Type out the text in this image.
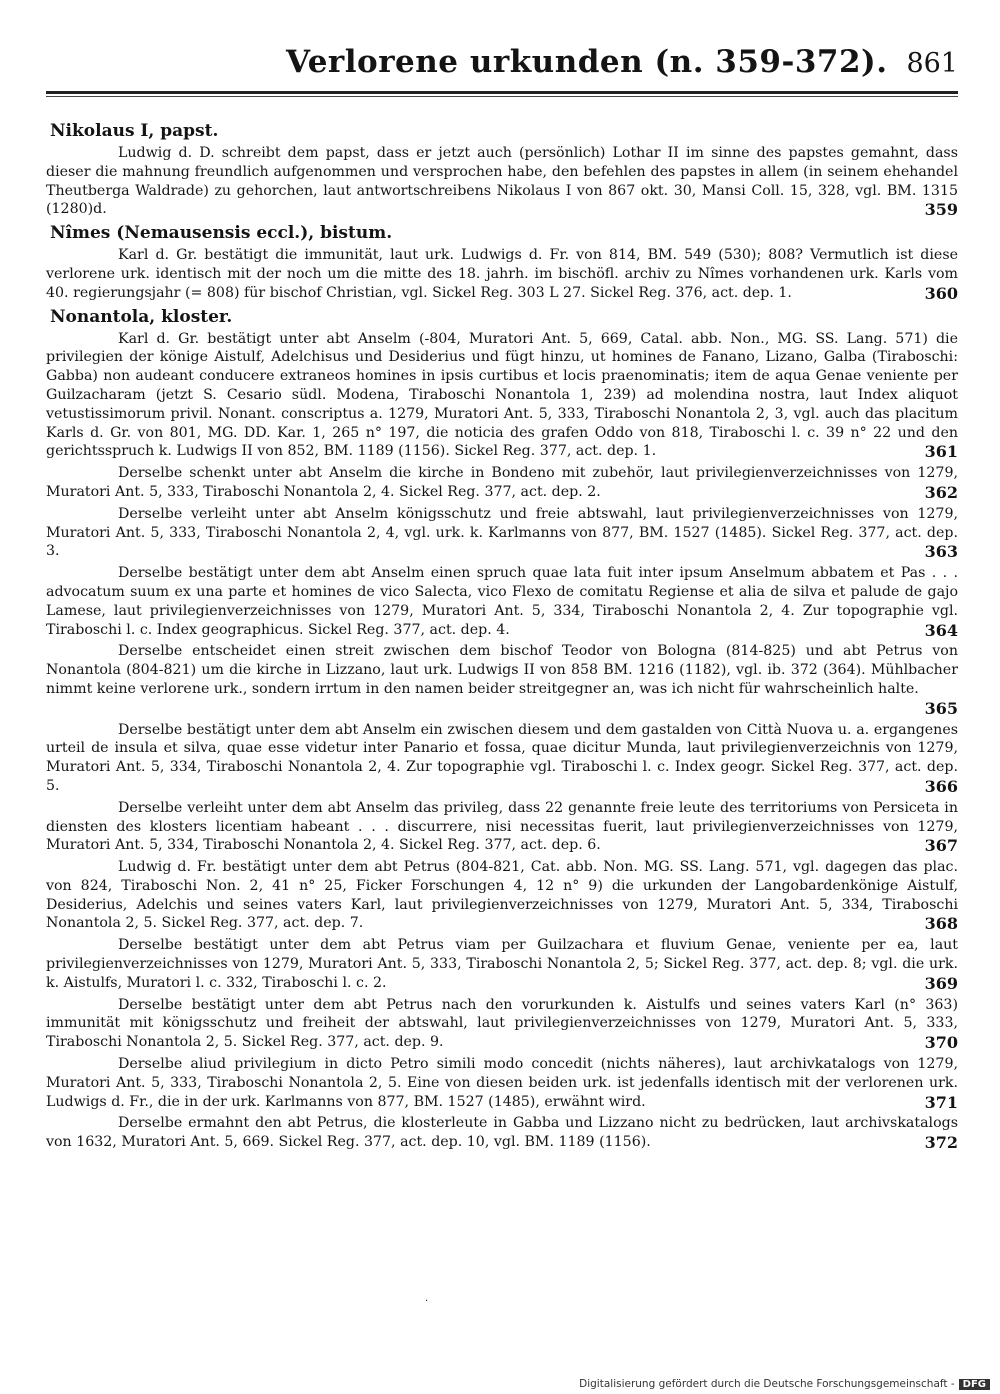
Verlorene urkunden (n. 359-372). 861
Nikolaus I, papst.
Ludwig d. D. schreibt dem papst, dass er jetzt auch (persönlich) Lothar II im sinne des papstes gemahnt, dass dieser die mahnung freundlich aufgenommen und versprochen habe, den befehlen des papstes in allem (in seinem ehehandel Theutberga Waldrade) zu gehorchen, laut antwortschreibens Nikolaus I von 867 okt. 30, Mansi Coll. 15, 328, vgl. BM. 1315 (1280)d.	359
Nîmes (Nemausensis eccl.), bistum.
Karl d. Gr. bestätigt die immunität, laut urk. Ludwigs d. Fr. von 814, BM. 549 (530); 808? Vermutlich ist diese verlorene urk. identisch mit der noch um die mitte des 18. jahrh. im bischöfl. archiv zu Nîmes vorhandenen urk. Karls vom 40. regierungsjahr (= 808) für bischof Christian, vgl. Sickel Reg. 303 L 27. Sickel Reg. 376, act. dep. 1.	360
Nonantola, kloster.
Karl d. Gr. bestätigt unter abt Anselm (-804, Muratori Ant. 5, 669, Catal. abb. Non., MG. SS. Lang. 571) die privilegien der könige Aistulf, Adelchisus und Desiderius und fügt hinzu, ut homines de Fanano, Lizano, Galba (Tiraboschi: Gabba) non audeant conducere extraneos homines in ipsis curtibus et locis praenominatis; item de aqua Genae veniente per Guilzacharam (jetzt S. Cesario südl. Modena, Tiraboschi Nonantola 1, 239) ad molendina nostra, laut Index aliquot vetustissimorum privil. Nonant. conscriptus a. 1279, Muratori Ant. 5, 333, Tiraboschi Nonantola 2, 3, vgl. auch das placitum Karls d. Gr. von 801, MG. DD. Kar. 1, 265 n° 197, die noticia des grafen Oddo von 818, Tiraboschi l. c. 39 n° 22 und den gerichtsspruch k. Ludwigs II von 852, BM. 1189 (1156). Sickel Reg. 377, act. dep. 1.	361
Derselbe schenkt unter abt Anselm die kirche in Bondeno mit zubehör, laut privilegienverzeichnisses von 1279, Muratori Ant. 5, 333, Tiraboschi Nonantola 2, 4. Sickel Reg. 377, act. dep. 2.	362
Derselbe verleiht unter abt Anselm königsschutz und freie abtswahl, laut privilegienverzeichnisses von 1279, Muratori Ant. 5, 333, Tiraboschi Nonantola 2, 4, vgl. urk. k. Karlmanns von 877, BM. 1527 (1485). Sickel Reg. 377, act. dep. 3.	363
Derselbe bestätigt unter dem abt Anselm einen spruch quae lata fuit inter ipsum Anselmum abbatem et Pas . . . advocatum suum ex una parte et homines de vico Salecta, vico Flexo de comitatu Regiense et alia de silva et palude de gajo Lamese, laut privilegienverzeichnisses von 1279, Muratori Ant. 5, 334, Tiraboschi Nonantola 2, 4. Zur topographie vgl. Tiraboschi l. c. Index geographicus. Sickel Reg. 377, act. dep. 4.	364
Derselbe entscheidet einen streit zwischen dem bischof Teodor von Bologna (814-825) und abt Petrus von Nonantola (804-821) um die kirche in Lizzano, laut urk. Ludwigs II von 858 BM. 1216 (1182), vgl. ib. 372 (364). Mühlbacher nimmt keine verlorene urk., sondern irrtum in den namen beider streitgegner an, was ich nicht für wahrscheinlich halte.
365
Derselbe bestätigt unter dem abt Anselm ein zwischen diesem und dem gastalden von Città Nuova u. a. ergangenes urteil de insula et silva, quae esse videtur inter Panario et fossa, quae dicitur Munda, laut privilegienverzeichnis von 1279, Muratori Ant. 5, 334, Tiraboschi Nonantola 2, 4. Zur topographie vgl. Tiraboschi l. c. Index geogr. Sickel Reg. 377, act. dep. 5.	366
Derselbe verleiht unter dem abt Anselm das privileg, dass 22 genannte freie leute des territoriums von Persiceta in diensten des klosters licentiam habeant . . . discurrere, nisi necessitas fuerit, laut privilegienverzeichnisses von 1279, Muratori Ant. 5, 334, Tiraboschi Nonantola 2, 4. Sickel Reg. 377, act. dep. 6.	367
Ludwig d. Fr. bestätigt unter dem abt Petrus (804-821, Cat. abb. Non. MG. SS. Lang. 571, vgl. dagegen das plac. von 824, Tiraboschi Non. 2, 41 n° 25, Ficker Forschungen 4, 12 n° 9) die urkunden der Langobardenkönige Aistulf, Desiderius, Adelchis und seines vaters Karl, laut privilegienverzeichnisses von 1279, Muratori Ant. 5, 334, Tiraboschi Nonantola 2, 5. Sickel Reg. 377, act. dep. 7.	368
Derselbe bestätigt unter dem abt Petrus viam per Guilzachara et fluvium Genae, veniente per ea, laut privilegienverzeichnisses von 1279, Muratori Ant. 5, 333, Tiraboschi Nonantola 2, 5; Sickel Reg. 377, act. dep. 8; vgl. die urk. k. Aistulfs, Muratori l. c. 332, Tiraboschi l. c. 2.	369
Derselbe bestätigt unter dem abt Petrus nach den vorurkunden k. Aistulfs und seines vaters Karl (n° 363) immunität mit königsschutz und freiheit der abtswahl, laut privilegienverzeichnisses von 1279, Muratori Ant. 5, 333, Tiraboschi Nonantola 2, 5. Sickel Reg. 377, act. dep. 9.	370
Derselbe aliud privilegium in dicto Petro simili modo concedit (nichts näheres), laut archivkatalogs von 1279, Muratori Ant. 5, 333, Tiraboschi Nonantola 2, 5. Eine von diesen beiden urk. ist jedenfalls identisch mit der verlorenen urk. Ludwigs d. Fr., die in der urk. Karlmanns von 877, BM. 1527 (1485), erwähnt wird.	371
Derselbe ermahnt den abt Petrus, die klosterleute in Gabba und Lizzano nicht zu bedrücken, laut archivskatalogs von 1632, Muratori Ant. 5, 669. Sickel Reg. 377, act. dep. 10, vgl. BM. 1189 (1156).	372
·
Digitalisierung gefördert durch die Deutsche Forschungsgemeinschaft - DFG
